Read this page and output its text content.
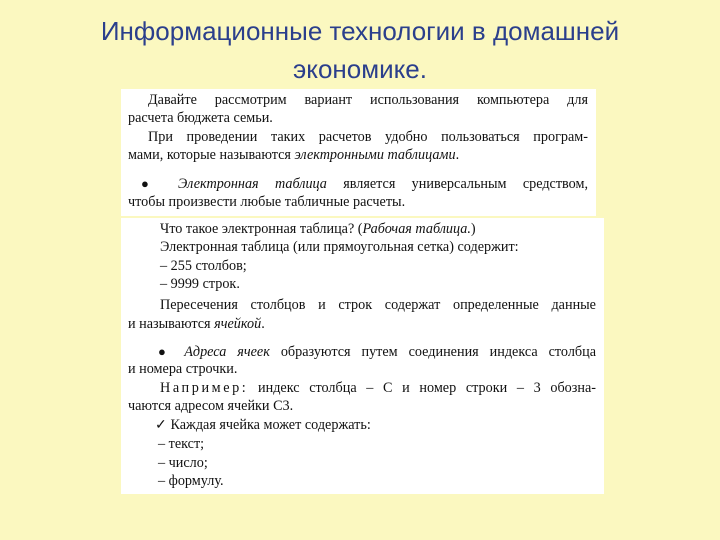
Информационные технологии в домашней
экономике.
Давайте рассмотрим вариант использования компьютера для
расчета бюджета семьи.
При проведении таких расчетов удобно пользоваться програм-
мами, которые называются электронными таблицами.
● Электронная таблица является универсальным средством,
чтобы произвести любые табличные расчеты.
Что такое электронная таблица? (Рабочая таблица.)
Электронная таблица (или прямоугольная сетка) содержит:
– 255 столбов;
– 9999 строк.
Пересечения столбцов и строк содержат определенные данные
и называются ячейкой.
● Адреса ячеек образуются путем соединения индекса столбца
и номера строчки.
Например: индекс столбца – С и номер строки – 3 обозна-
чаются адресом ячейки С3.
✓ Каждая ячейка может содержать:
– текст;
– число;
– формулу.
